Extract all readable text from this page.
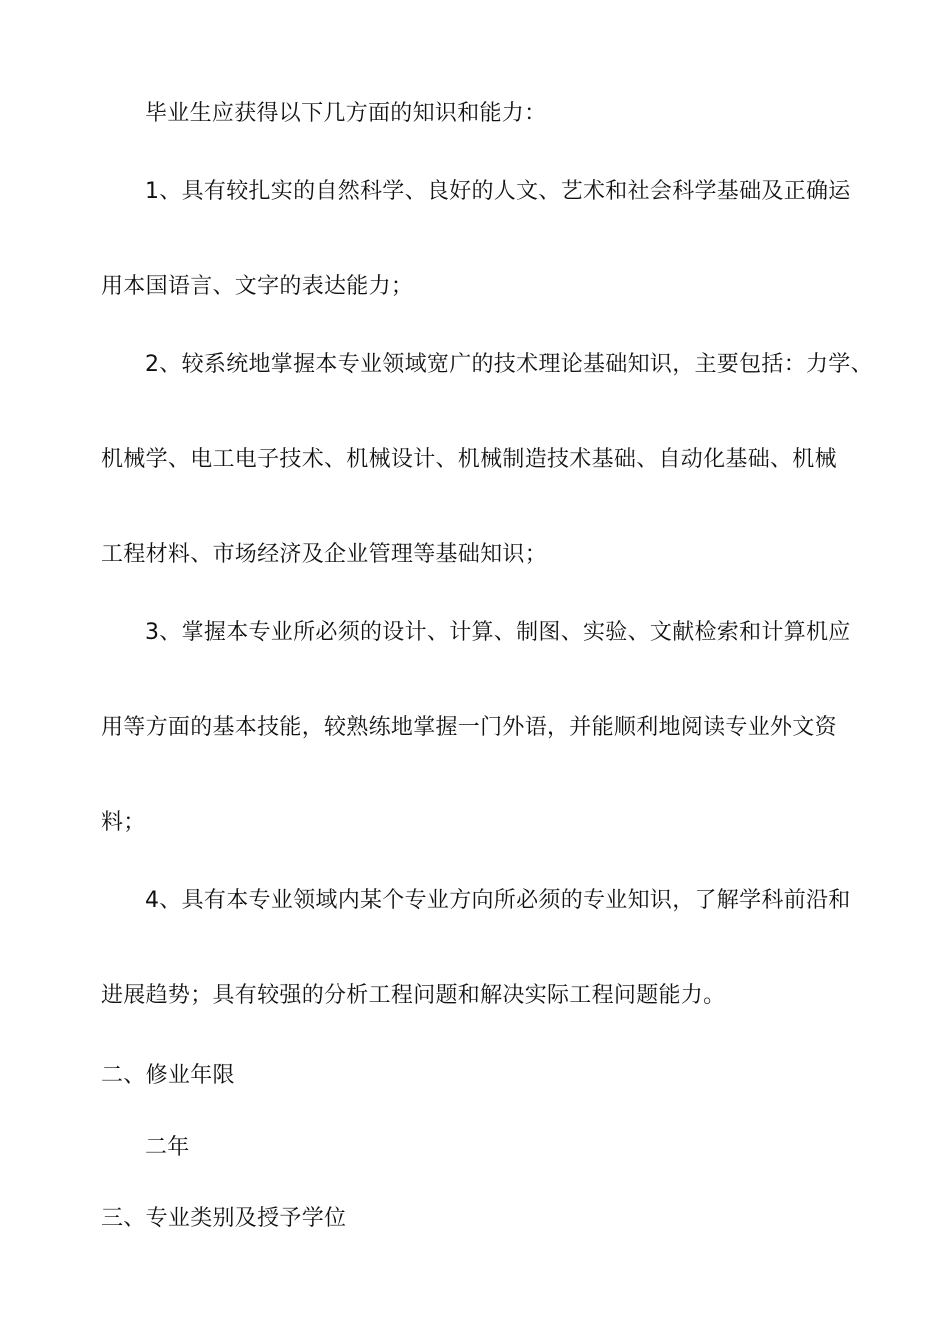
毕业生应获得以下几方面的知识和能力：
1、具有较扎实的自然科学、良好的人文、艺术和社会科学基础及正确运
用本国语言、文字的表达能力；
2、较系统地掌握本专业领域宽广的技术理论基础知识，主要包括：力学、
机械学、电工电子技术、机械设计、机械制造技术基础、自动化基础、机械
工程材料、市场经济及企业管理等基础知识；
3、掌握本专业所必须的设计、计算、制图、实验、文献检索和计算机应
用等方面的基本技能，较熟练地掌握一门外语，并能顺利地阅读专业外文资
料；
4、具有本专业领域内某个专业方向所必须的专业知识，了解学科前沿和
进展趋势；具有较强的分析工程问题和解决实际工程问题能力。
二、修业年限
二年
三、专业类别及授予学位
